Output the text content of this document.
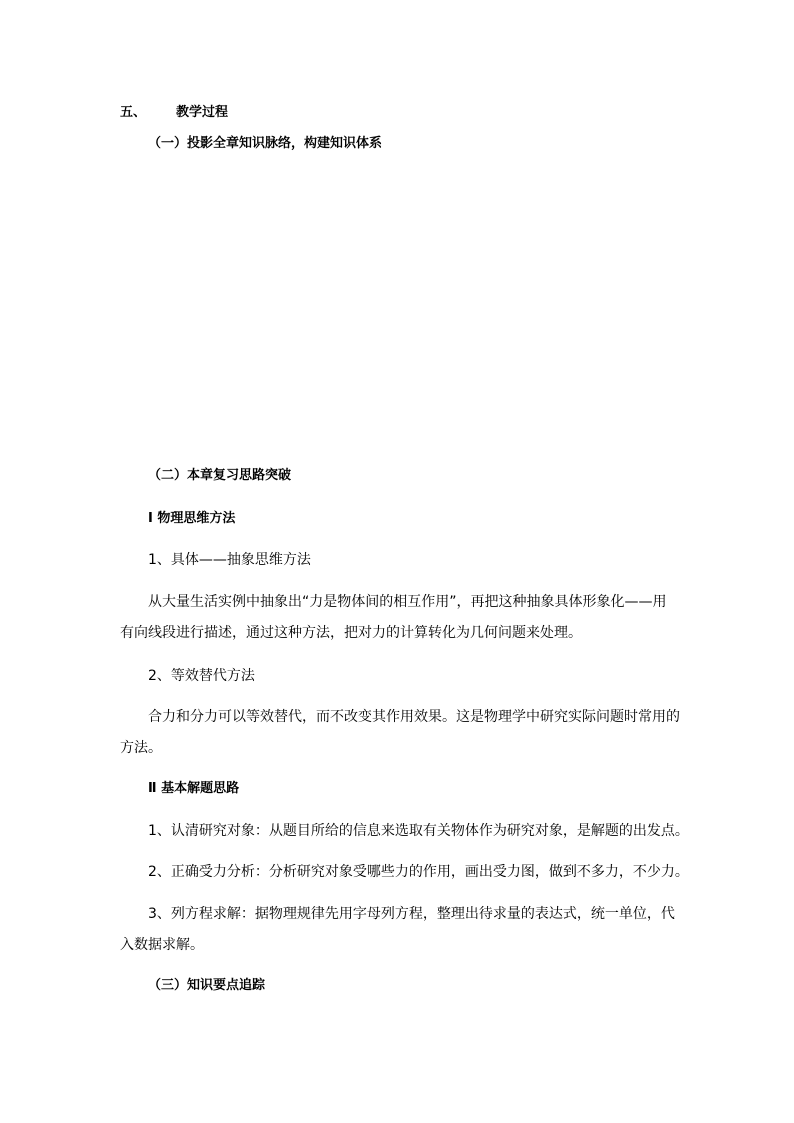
五、 教学过程
（一）投影全章知识脉络，构建知识体系
（二）本章复习思路突破
Ⅰ 物理思维方法
1、具体——抽象思维方法
从大量生活实例中抽象出“力是物体间的相互作用”，再把这种抽象具体形象化——用
有向线段进行描述，通过这种方法，把对力的计算转化为几何问题来处理。
2、等效替代方法
合力和分力可以等效替代，而不改变其作用效果。这是物理学中研究实际问题时常用的
方法。
Ⅱ 基本解题思路
1、认清研究对象：从题目所给的信息来选取有关物体作为研究对象，是解题的出发点。
2、正确受力分析：分析研究对象受哪些力的作用，画出受力图，做到不多力，不少力。
3、列方程求解：据物理规律先用字母列方程，整理出待求量的表达式，统一单位，代
入数据求解。
（三）知识要点追踪
